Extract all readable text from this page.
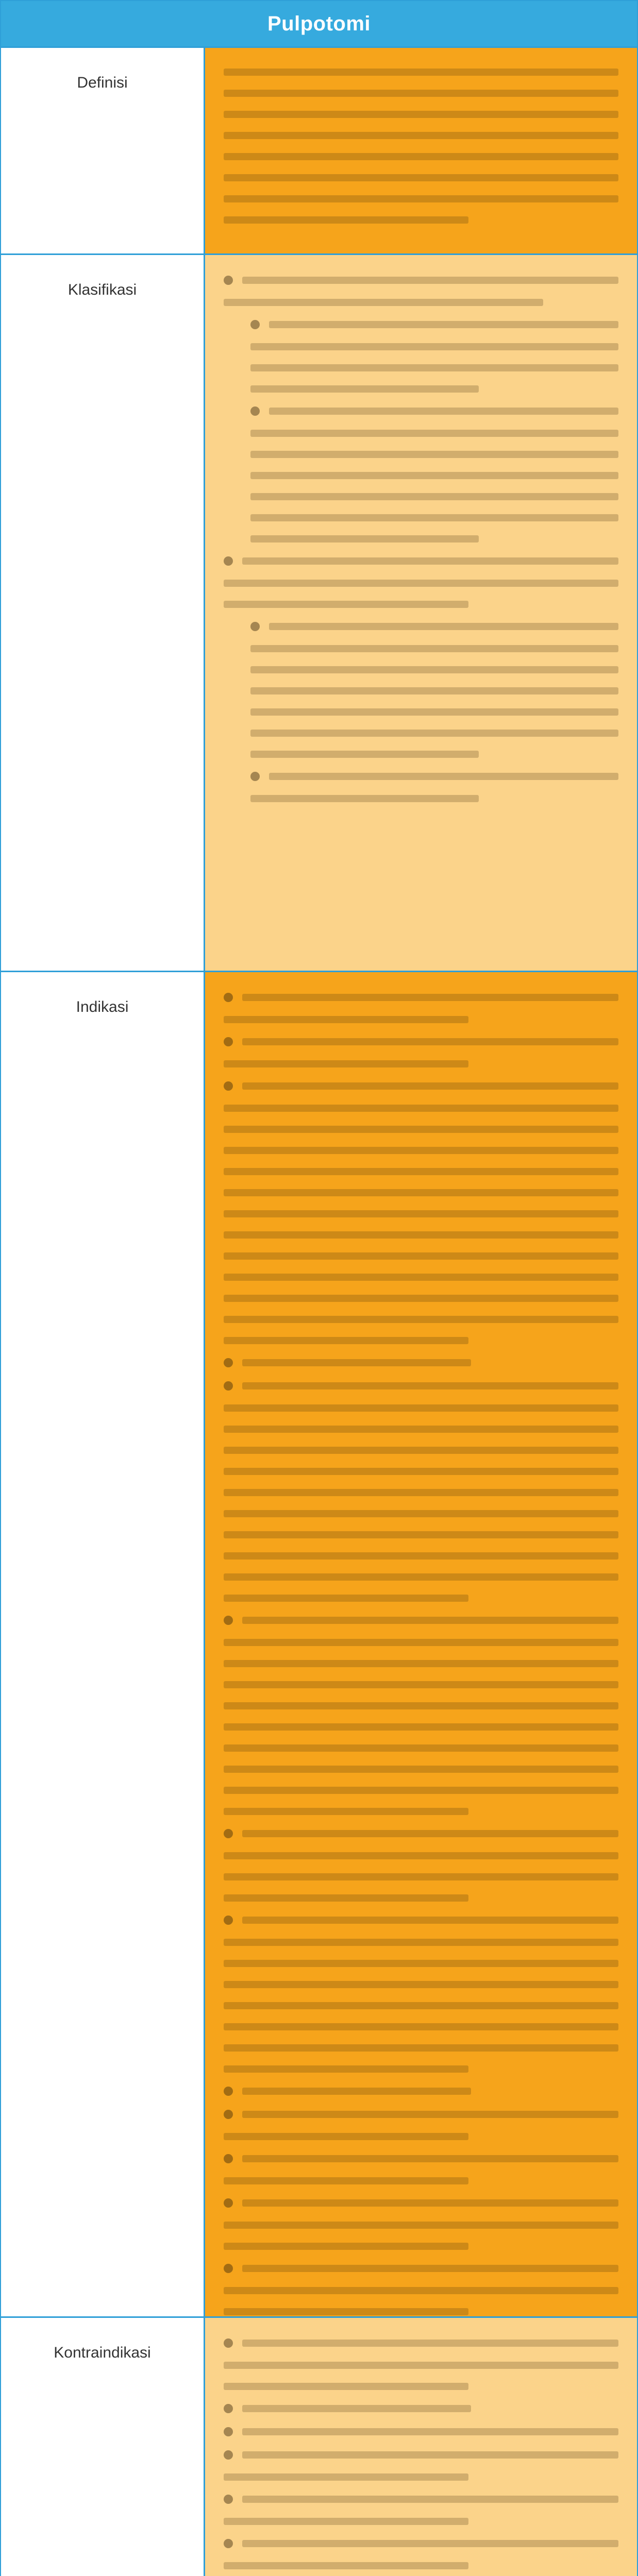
Pulpotomi
Definisi
Klasifikasi
Indikasi
Kontraindikasi
